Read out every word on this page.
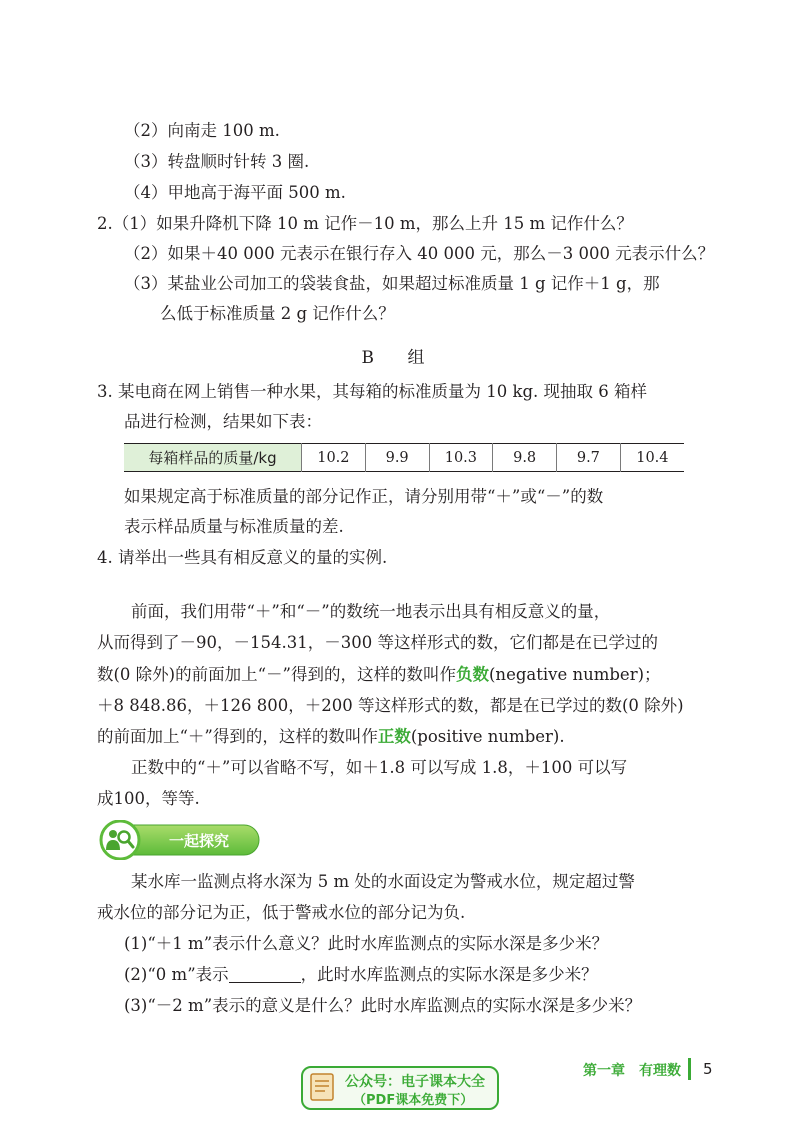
（2）向南走 100 m.
（3）转盘顺时针转 3 圈.
（4）甲地高于海平面 500 m.
2.（1）如果升降机下降 10 m 记作－10 m，那么上升 15 m 记作什么？
（2）如果＋40 000 元表示在银行存入 40 000 元，那么－3 000 元表示什么？
（3）某盐业公司加工的袋装食盐，如果超过标准质量 1 g 记作＋1 g，那
么低于标准质量 2 g 记作什么？
B 组
3. 某电商在网上销售一种水果，其每箱的标准质量为 10 kg. 现抽取 6 箱样
品进行检测，结果如下表：
每箱样品的质量/kg	10.2	9.9	10.3	9.8	9.7	10.4
如果规定高于标准质量的部分记作正，请分别用带“＋”或“－”的数
表示样品质量与标准质量的差.
4. 请举出一些具有相反意义的量的实例.
前面，我们用带“＋”和“－”的数统一地表示出具有相反意义的量，
从而得到了－90，－154.31，－300 等这样形式的数，它们都是在已学过的
数(0 除外)的前面加上“－”得到的，这样的数叫作负数(negative number)；
＋8 848.86，＋126 800，＋200 等这样形式的数，都是在已学过的数(0 除外)
的前面加上“＋”得到的，这样的数叫作正数(positive number).
正数中的“＋”可以省略不写，如＋1.8 可以写成 1.8，＋100 可以写
成100，等等.
一起探究
某水库一监测点将水深为 5 m 处的水面设定为警戒水位，规定超过警
戒水位的部分记为正，低于警戒水位的部分记为负.
(1)“＋1 m”表示什么意义？此时水库监测点的实际水深是多少米？
(2)“0 m”表示	，此时水库监测点的实际水深是多少米？
(3)“－2 m”表示的意义是什么？此时水库监测点的实际水深是多少米？
公众号：电子课本大全
（PDF课本免费下）
第一章　有理数 5
